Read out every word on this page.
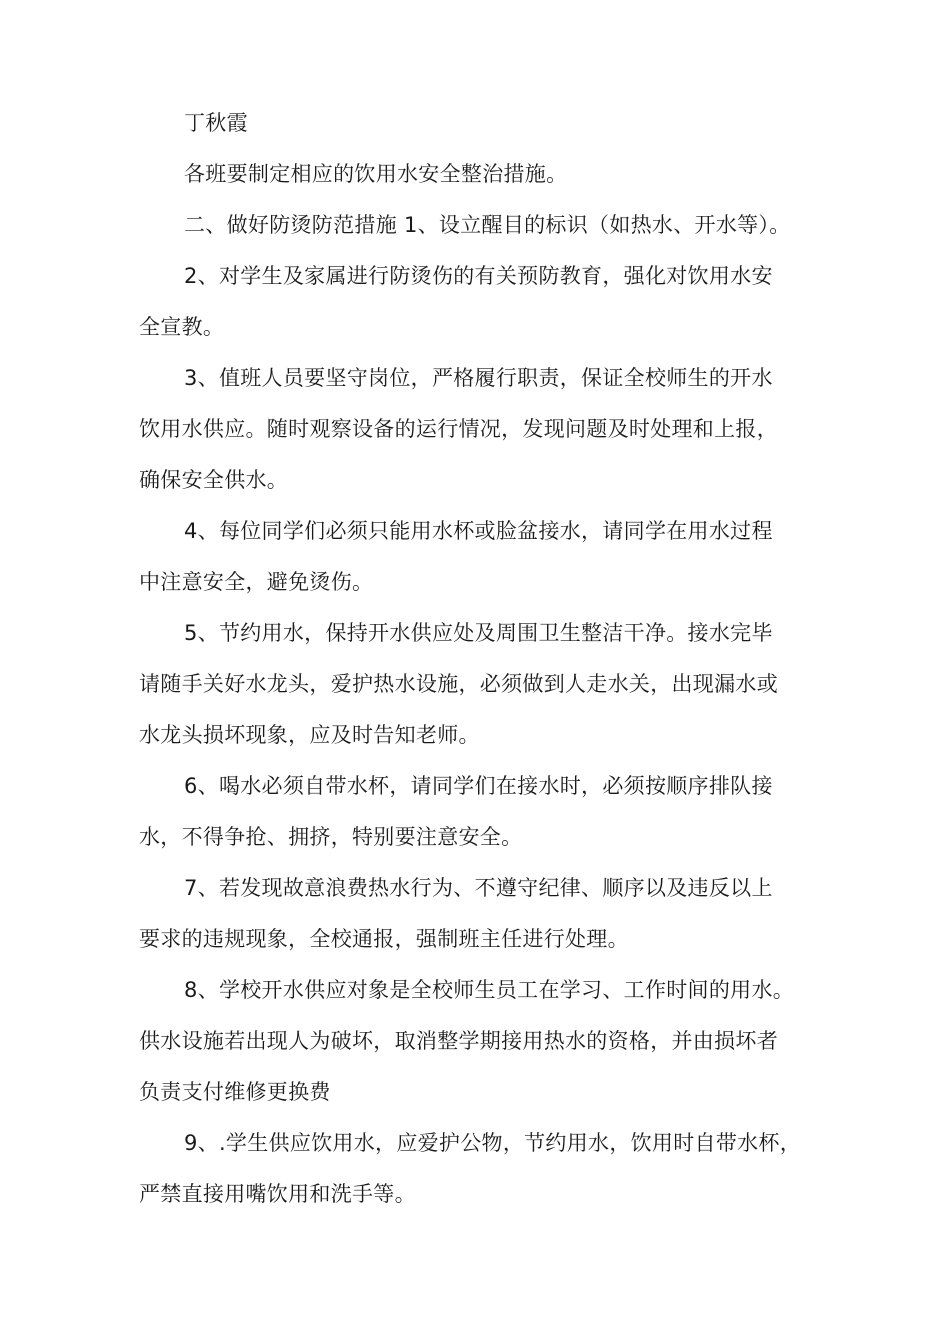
丁秋霞
各班要制定相应的饮用水安全整治措施。
二、做好防烫防范措施 1、设立醒目的标识（如热水、开水等）。
2、对学生及家属进行防烫伤的有关预防教育，强化对饮用水安
全宣教。
3、值班人员要坚守岗位，严格履行职责，保证全校师生的开水
饮用水供应。随时观察设备的运行情况，发现问题及时处理和上报，
确保安全供水。
4、每位同学们必须只能用水杯或脸盆接水，请同学在用水过程
中注意安全，避免烫伤。
5、节约用水，保持开水供应处及周围卫生整洁干净。接水完毕
请随手关好水龙头，爱护热水设施，必须做到人走水关，出现漏水或
水龙头损坏现象，应及时告知老师。
6、喝水必须自带水杯，请同学们在接水时，必须按顺序排队接
水，不得争抢、拥挤，特别要注意安全。
7、若发现故意浪费热水行为、不遵守纪律、顺序以及违反以上
要求的违规现象，全校通报，强制班主任进行处理。
8、学校开水供应对象是全校师生员工在学习、工作时间的用水。
供水设施若出现人为破坏，取消整学期接用热水的资格，并由损坏者
负责支付维修更换费
9、.学生供应饮用水，应爱护公物，节约用水，饮用时自带水杯，
严禁直接用嘴饮用和洗手等。
